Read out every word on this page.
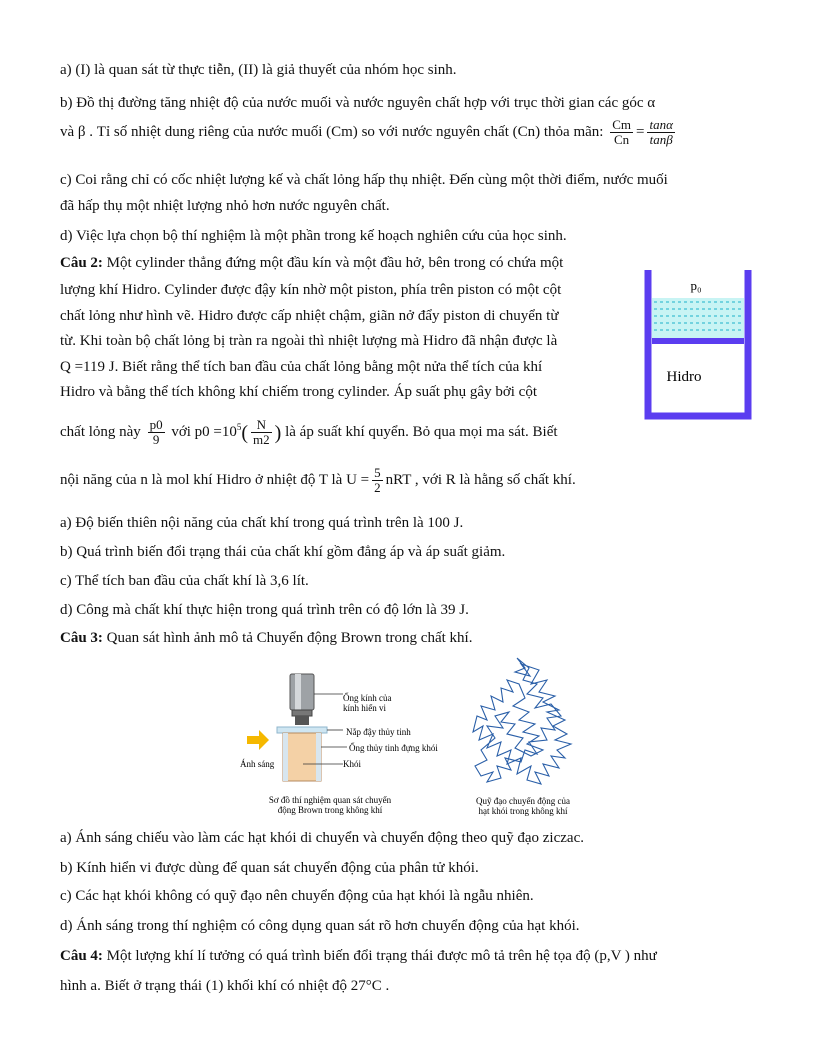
a) (I) là quan sát từ thực tiễn, (II) là giả thuyết của nhóm học sinh.
b) Đồ thị đường tăng nhiệt độ của nước muối và nước nguyên chất hợp với trục thời gian các góc α
và β . Tỉ số nhiệt dung riêng của nước muối (Cm) so với nước nguyên chất (Cn) thỏa mãn: $\frac{Cm}{Cn} = \frac{\tan\alpha}{\tan\beta}$
c) Coi rằng chỉ có cốc nhiệt lượng kế và chất lỏng hấp thụ nhiệt. Đến cùng một thời điểm, nước muối
đã hấp thụ một nhiệt lượng nhỏ hơn nước nguyên chất.
d) Việc lựa chọn bộ thí nghiệm là một phần trong kế hoạch nghiên cứu của học sinh.
Câu 2: Một cylinder thẳng đứng một đầu kín và một đầu hở, bên trong có chứa một
lượng khí Hidro. Cylinder được đậy kín nhờ một piston, phía trên piston có một cột
chất lỏng như hình vẽ. Hidro được cấp nhiệt chậm, giãn nở đẩy piston di chuyển từ
từ. Khi toàn bộ chất lỏng bị tràn ra ngoài thì nhiệt lượng mà Hidro đã nhận được là
Q =119 J. Biết rằng thể tích ban đầu của chất lỏng bằng một nửa thể tích của khí
Hidro và bằng thể tích không khí chiếm trong cylinder. Áp suất phụ gây bởi cột
chất lỏng này $\frac{p0}{9}$ với $p0 =10^5( \frac{N}{m2}$ ) là áp suất khí quyển. Bỏ qua mọi ma sát. Biết
nội năng của n là mol khí Hidro ở nhiệt độ T là $U = \frac{5}{2}$ nRT , với R là hằng số chất khí.
a) Độ biến thiên nội năng của chất khí trong quá trình trên là 100 J.
b) Quá trình biến đổi trạng thái của chất khí gồm đẳng áp và áp suất giảm.
c) Thể tích ban đầu của chất khí là 3,6 lít.
d) Công mà chất khí thực hiện trong quá trình trên có độ lớn là 39 J.
Câu 3: Quan sát hình ảnh mô tả Chuyển động Brown trong chất khí.
a) Ánh sáng chiếu vào làm các hạt khói di chuyển và chuyển động theo quỹ đạo ziczac.
b) Kính hiển vi được dùng để quan sát chuyển động của phân tử khói.
c) Các hạt khói không có quỹ đạo nên chuyển động của hạt khói là ngẫu nhiên.
d) Ánh sáng trong thí nghiệm có công dụng quan sát rõ hơn chuyển động của hạt khói.
Câu 4: Một lượng khí lí tưởng có quá trình biến đổi trạng thái được mô tả trên hệ tọa độ (p,V ) như
hình a. Biết ở trạng thái (1) khối khí có nhiệt độ 27°C .
p₀
Hidro
Ống kính của
kính hiển vi
Nắp đậy thủy tinh
Ống thủy tinh đựng khói
Khói
Ánh sáng
Sơ đồ thí nghiệm quan sát chuyển
động Brown trong không khí
Quỹ đạo chuyển động của
hạt khói trong không khí
